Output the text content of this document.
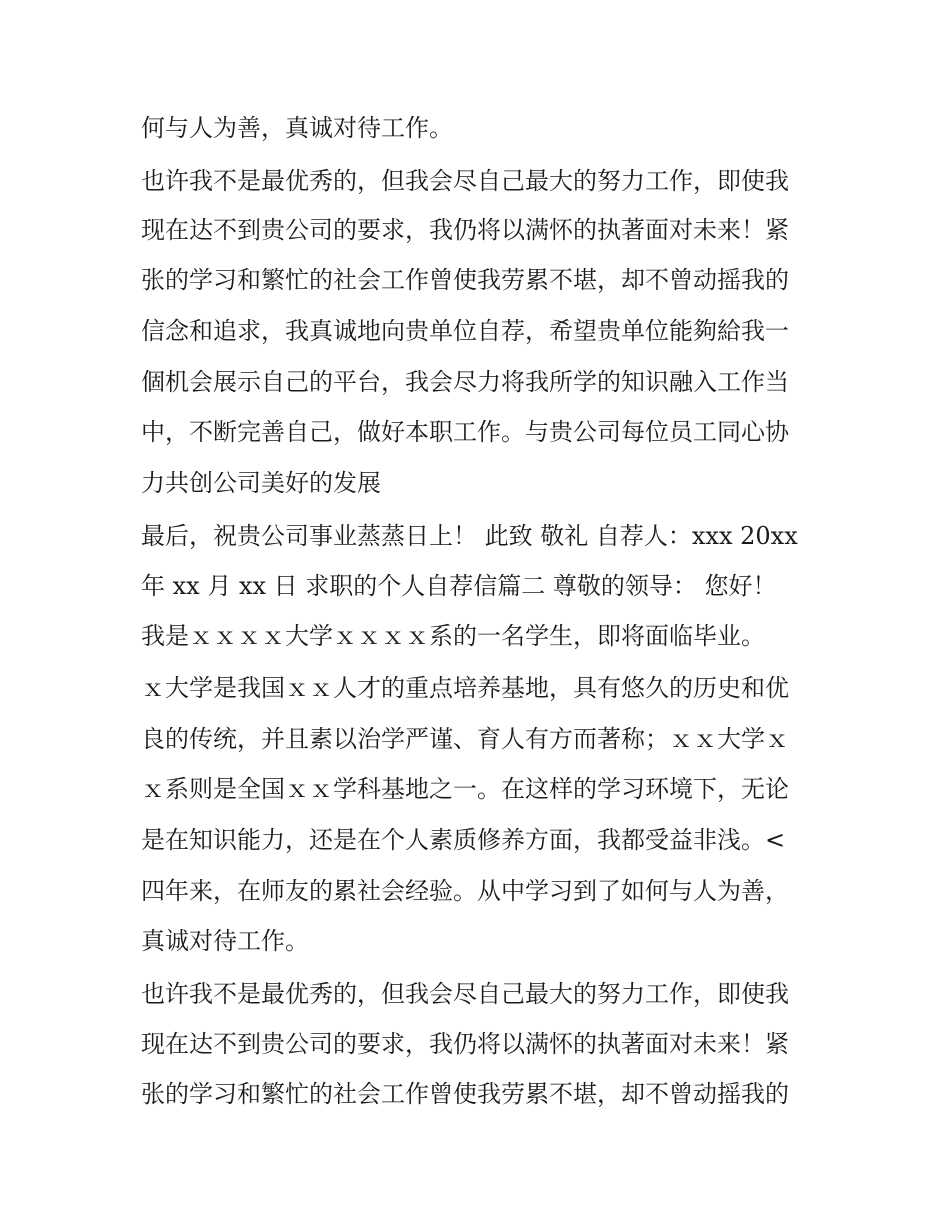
何与人为善，真诚对待工作。
也许我不是最优秀的，但我会尽自己最大的努力工作，即使我
现在达不到贵公司的要求，我仍将以满怀的执著面对未来！紧
张的学习和繁忙的社会工作曾使我劳累不堪，却不曾动摇我的
信念和追求，我真诚地向贵单位自荐，希望贵单位能夠給我一
個机会展示自己的平台，我会尽力将我所学的知识融入工作当
中，不断完善自己，做好本职工作。与贵公司每位员工同心协
力共创公司美好的发展
最后，祝贵公司事业蒸蒸日上！ 此致 敬礼 自荐人：xxx 20xx
年 xx 月 xx 日 求职的个人自荐信篇二 尊敬的领导： 您好！
我是ｘｘｘｘ大学ｘｘｘｘ系的一名学生，即将面临毕业。
ｘ大学是我国ｘｘ人才的重点培养基地，具有悠久的历史和优
良的传统，并且素以治学严谨、育人有方而著称；ｘｘ大学ｘ
ｘ系则是全国ｘｘ学科基地之一。在这样的学习环境下，无论
是在知识能力，还是在个人素质修养方面，我都受益非浅。<
四年来，在师友的累社会经验。从中学习到了如何与人为善，
真诚对待工作。
也许我不是最优秀的，但我会尽自己最大的努力工作，即使我
现在达不到贵公司的要求，我仍将以满怀的执著面对未来！紧
张的学习和繁忙的社会工作曾使我劳累不堪，却不曾动摇我的
